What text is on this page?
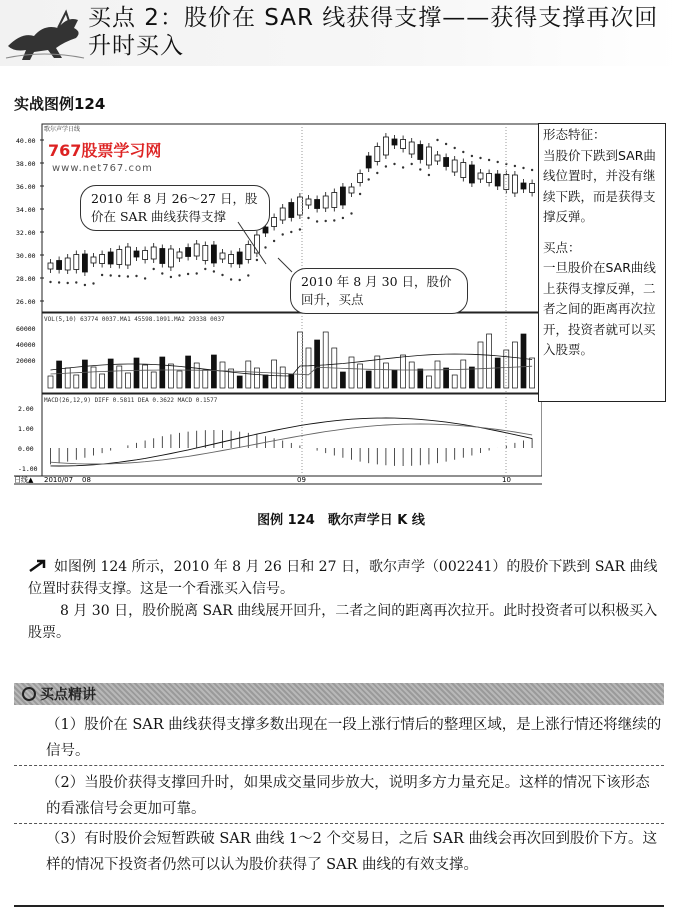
买点 2：股价在 SAR 线获得支撑——获得支撑再次回升时买入
实战图例124
40.00
38.00
36.00
34.00
32.00
30.00
28.00
26.00
60000
40000
20000
2.00
1.00
0.00
-1.00
歌尔声学日线
VOL(5,10) 63774 0037.MA1 45598.1091.MA2 29338 0037
MACD(26,12,9) DIFF 0.5811 DEA 0.3622 MACD 0.1577
日线▲ 2010/07 08	09	10
767股票学习网
www.net767.com
2010 年 8 月 26～27 日，股价在 SAR 曲线获得支撑
2010 年 8 月 30 日，股价回升，买点

形态特征：

当股价下跌到SAR曲线位置时，并没有继续下跌，而是获得支撑反弹。

买点：

一旦股价在SAR曲线上获得支撑反弹，二者之间的距离再次拉开，投资者就可以买入股票。

图例 124　歌尔声学日 K 线
如图例 124 所示，2010 年 8 月 26 日和 27 日，歌尔声学（002241）的股价下跌到 SAR 曲线位置时获得支撑。这是一个看涨买入信号。
8 月 30 日，股价脱离 SAR 曲线展开回升，二者之间的距离再次拉开。此时投资者可以积极买入股票。
买点精讲
（1）股价在 SAR 曲线获得支撑多数出现在一段上涨行情后的整理区域，是上涨行情还将继续的信号。
（2）当股价获得支撑回升时，如果成交量同步放大，说明多方力量充足。这样的情况下该形态的看涨信号会更加可靠。
（3）有时股价会短暂跌破 SAR 曲线 1～2 个交易日，之后 SAR 曲线会再次回到股价下方。这样的情况下投资者仍然可以认为股价获得了 SAR 曲线的有效支撑。
